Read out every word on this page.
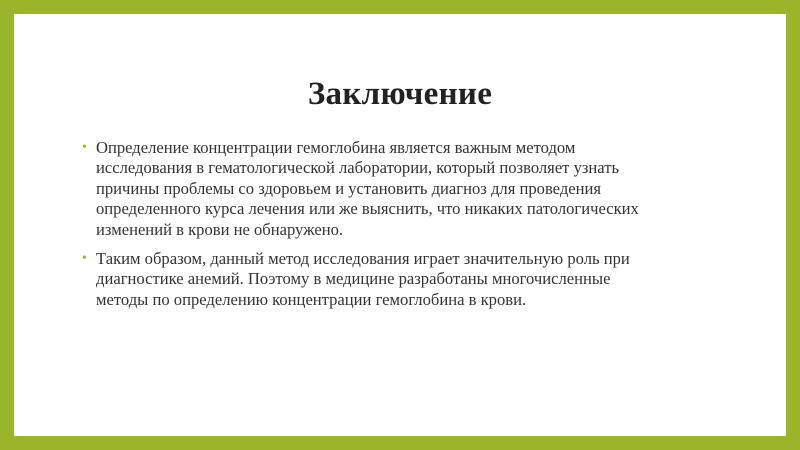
Заключение
• Определение концентрации гемоглобина является важным методом
исследования в гематологической лаборатории, который позволяет узнать
причины проблемы со здоровьем и установить диагноз для проведения
определенного курса лечения или же выяснить, что никаких патологических
изменений в крови не обнаружено.
• Таким образом, данный метод исследования играет значительную роль при
диагностике анемий. Поэтому в медицине разработаны многочисленные
методы по определению концентрации гемоглобина в крови.
